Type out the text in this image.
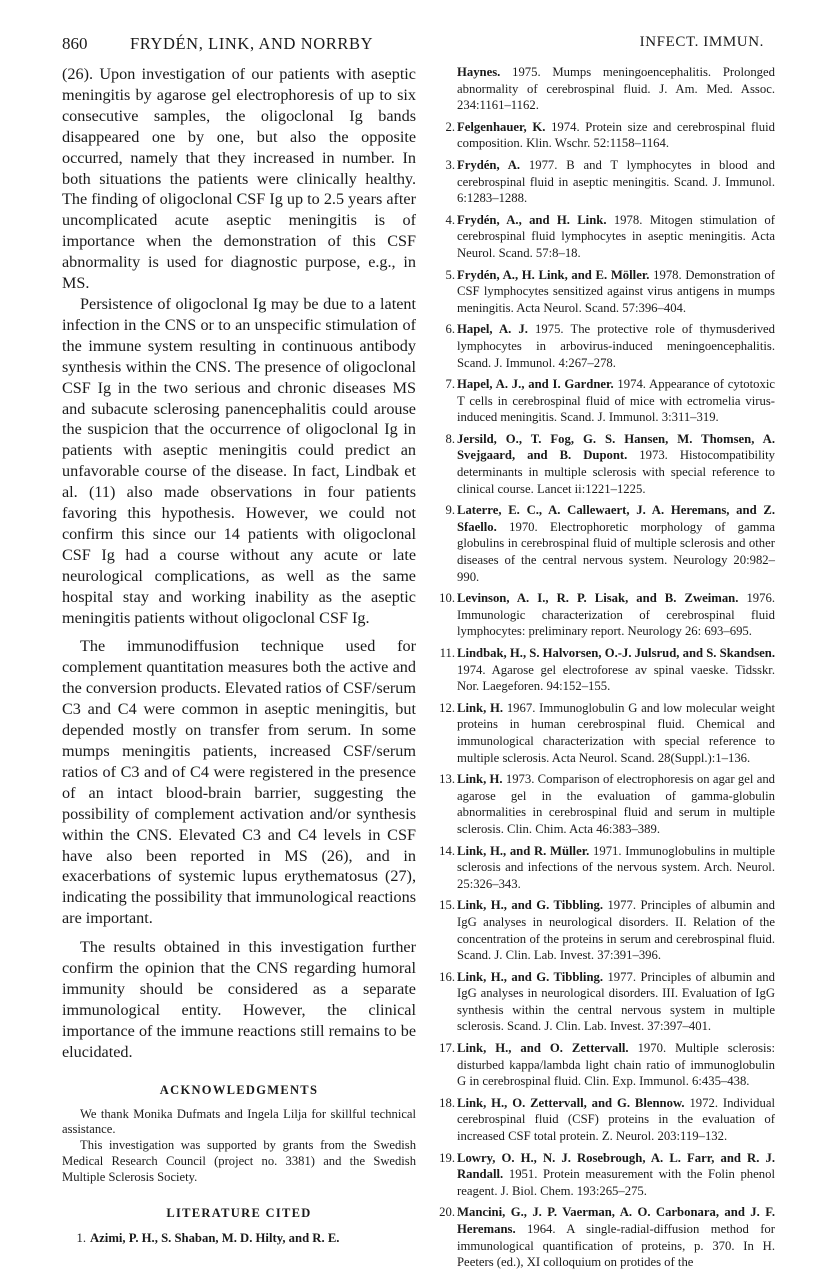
860	FRYDÉN, LINK, AND NORRBY	INFECT. IMMUN.

(26). Upon investigation of our patients with aseptic meningitis by agarose gel electrophoresis of up to six consecutive samples, the oligoclonal Ig bands disappeared one by one, but also the opposite occurred, namely that they increased in number. In both situations the patients were clinically healthy. The finding of oligoclonal CSF Ig up to 2.5 years after uncomplicated acute aseptic meningitis is of importance when the demonstration of this CSF abnormality is used for diagnostic purpose, e.g., in MS.

Persistence of oligoclonal Ig may be due to a latent infection in the CNS or to an unspecific stimulation of the immune system resulting in continuous antibody synthesis within the CNS. The presence of oligoclonal CSF Ig in the two serious and chronic diseases MS and subacute sclerosing panencephalitis could arouse the suspicion that the occurrence of oligoclonal Ig in patients with aseptic meningitis could predict an unfavorable course of the disease. In fact, Lindbak et al. (11) also made observations in four patients favoring this hypothesis. However, we could not confirm this since our 14 patients with oligoclonal CSF Ig had a course without any acute or late neurological complications, as well as the same hospital stay and working inability as the aseptic meningitis patients without oligoclonal CSF Ig.

The immunodiffusion technique used for complement quantitation measures both the active and the conversion products. Elevated ratios of CSF/serum C3 and C4 were common in aseptic meningitis, but depended mostly on transfer from serum. In some mumps meningitis patients, increased CSF/serum ratios of C3 and of C4 were registered in the presence of an intact blood-brain barrier, suggesting the possibility of complement activation and/or synthesis within the CNS. Elevated C3 and C4 levels in CSF have also been reported in MS (26), and in exacerbations of systemic lupus erythematosus (27), indicating the possibility that immunological reactions are important.

The results obtained in this investigation further confirm the opinion that the CNS regarding humoral immunity should be considered as a separate immunological entity. However, the clinical importance of the immune reactions still remains to be elucidated.

ACKNOWLEDGMENTS

We thank Monika Dufmats and Ingela Lilja for skillful technical assistance.

This investigation was supported by grants from the Swedish Medical Research Council (project no. 3381) and the Swedish Multiple Sclerosis Society.

LITERATURE CITED

1. Azimi, P. H., S. Shaban, M. D. Hilty, and R. E.

Haynes. 1975. Mumps meningoencephalitis. Prolonged abnormality of cerebrospinal fluid. J. Am. Med. Assoc. 234:1161–1162.

2. Felgenhauer, K. 1974. Protein size and cerebrospinal fluid composition. Klin. Wschr. 52:1158–1164.

3. Frydén, A. 1977. B and T lymphocytes in blood and cerebrospinal fluid in aseptic meningitis. Scand. J. Immunol. 6:1283–1288.

4. Frydén, A., and H. Link. 1978. Mitogen stimulation of cerebrospinal fluid lymphocytes in aseptic meningitis. Acta Neurol. Scand. 57:8–18.

5. Frydén, A., H. Link, and E. Möller. 1978. Demonstration of CSF lymphocytes sensitized against virus antigens in mumps meningitis. Acta Neurol. Scand. 57:396–404.

6. Hapel, A. J. 1975. The protective role of thymusderived lymphocytes in arbovirus-induced meningoencephalitis. Scand. J. Immunol. 4:267–278.

7. Hapel, A. J., and I. Gardner. 1974. Appearance of cytotoxic T cells in cerebrospinal fluid of mice with ectromelia virus-induced meningitis. Scand. J. Immunol. 3:311–319.

8. Jersild, O., T. Fog, G. S. Hansen, M. Thomsen, A. Svejgaard, and B. Dupont. 1973. Histocompatibility determinants in multiple sclerosis with special reference to clinical course. Lancet ii:1221–1225.

9. Laterre, E. C., A. Callewaert, J. A. Heremans, and Z. Sfaello. 1970. Electrophoretic morphology of gamma globulins in cerebrospinal fluid of multiple sclerosis and other diseases of the central nervous system. Neurology 20:982–990.

10. Levinson, A. I., R. P. Lisak, and B. Zweiman. 1976. Immunologic characterization of cerebrospinal fluid lymphocytes: preliminary report. Neurology 26: 693–695.

11. Lindbak, H., S. Halvorsen, O.-J. Julsrud, and S. Skandsen. 1974. Agarose gel electroforese av spinal vaeske. Tidsskr. Nor. Laegeforen. 94:152–155.

12. Link, H. 1967. Immunoglobulin G and low molecular weight proteins in human cerebrospinal fluid. Chemical and immunological characterization with special reference to multiple sclerosis. Acta Neurol. Scand. 28(Suppl.):1–136.

13. Link, H. 1973. Comparison of electrophoresis on agar gel and agarose gel in the evaluation of gamma-globulin abnormalities in cerebrospinal fluid and serum in multiple sclerosis. Clin. Chim. Acta 46:383–389.

14. Link, H., and R. Müller. 1971. Immunoglobulins in multiple sclerosis and infections of the nervous system. Arch. Neurol. 25:326–343.

15. Link, H., and G. Tibbling. 1977. Principles of albumin and IgG analyses in neurological disorders. II. Relation of the concentration of the proteins in serum and cerebrospinal fluid. Scand. J. Clin. Lab. Invest. 37:391–396.

16. Link, H., and G. Tibbling. 1977. Principles of albumin and IgG analyses in neurological disorders. III. Evaluation of IgG synthesis within the central nervous system in multiple sclerosis. Scand. J. Clin. Lab. Invest. 37:397–401.

17. Link, H., and O. Zettervall. 1970. Multiple sclerosis: disturbed kappa/lambda light chain ratio of immunoglobulin G in cerebrospinal fluid. Clin. Exp. Immunol. 6:435–438.

18. Link, H., O. Zettervall, and G. Blennow. 1972. Individual cerebrospinal fluid (CSF) proteins in the evaluation of increased CSF total protein. Z. Neurol. 203:119–132.

19. Lowry, O. H., N. J. Rosebrough, A. L. Farr, and R. J. Randall. 1951. Protein measurement with the Folin phenol reagent. J. Biol. Chem. 193:265–275.

20. Mancini, G., J. P. Vaerman, A. O. Carbonara, and J. F. Heremans. 1964. A single-radial-diffusion method for immunological quantification of proteins, p. 370. In H. Peeters (ed.), XI colloquium on protides of the
